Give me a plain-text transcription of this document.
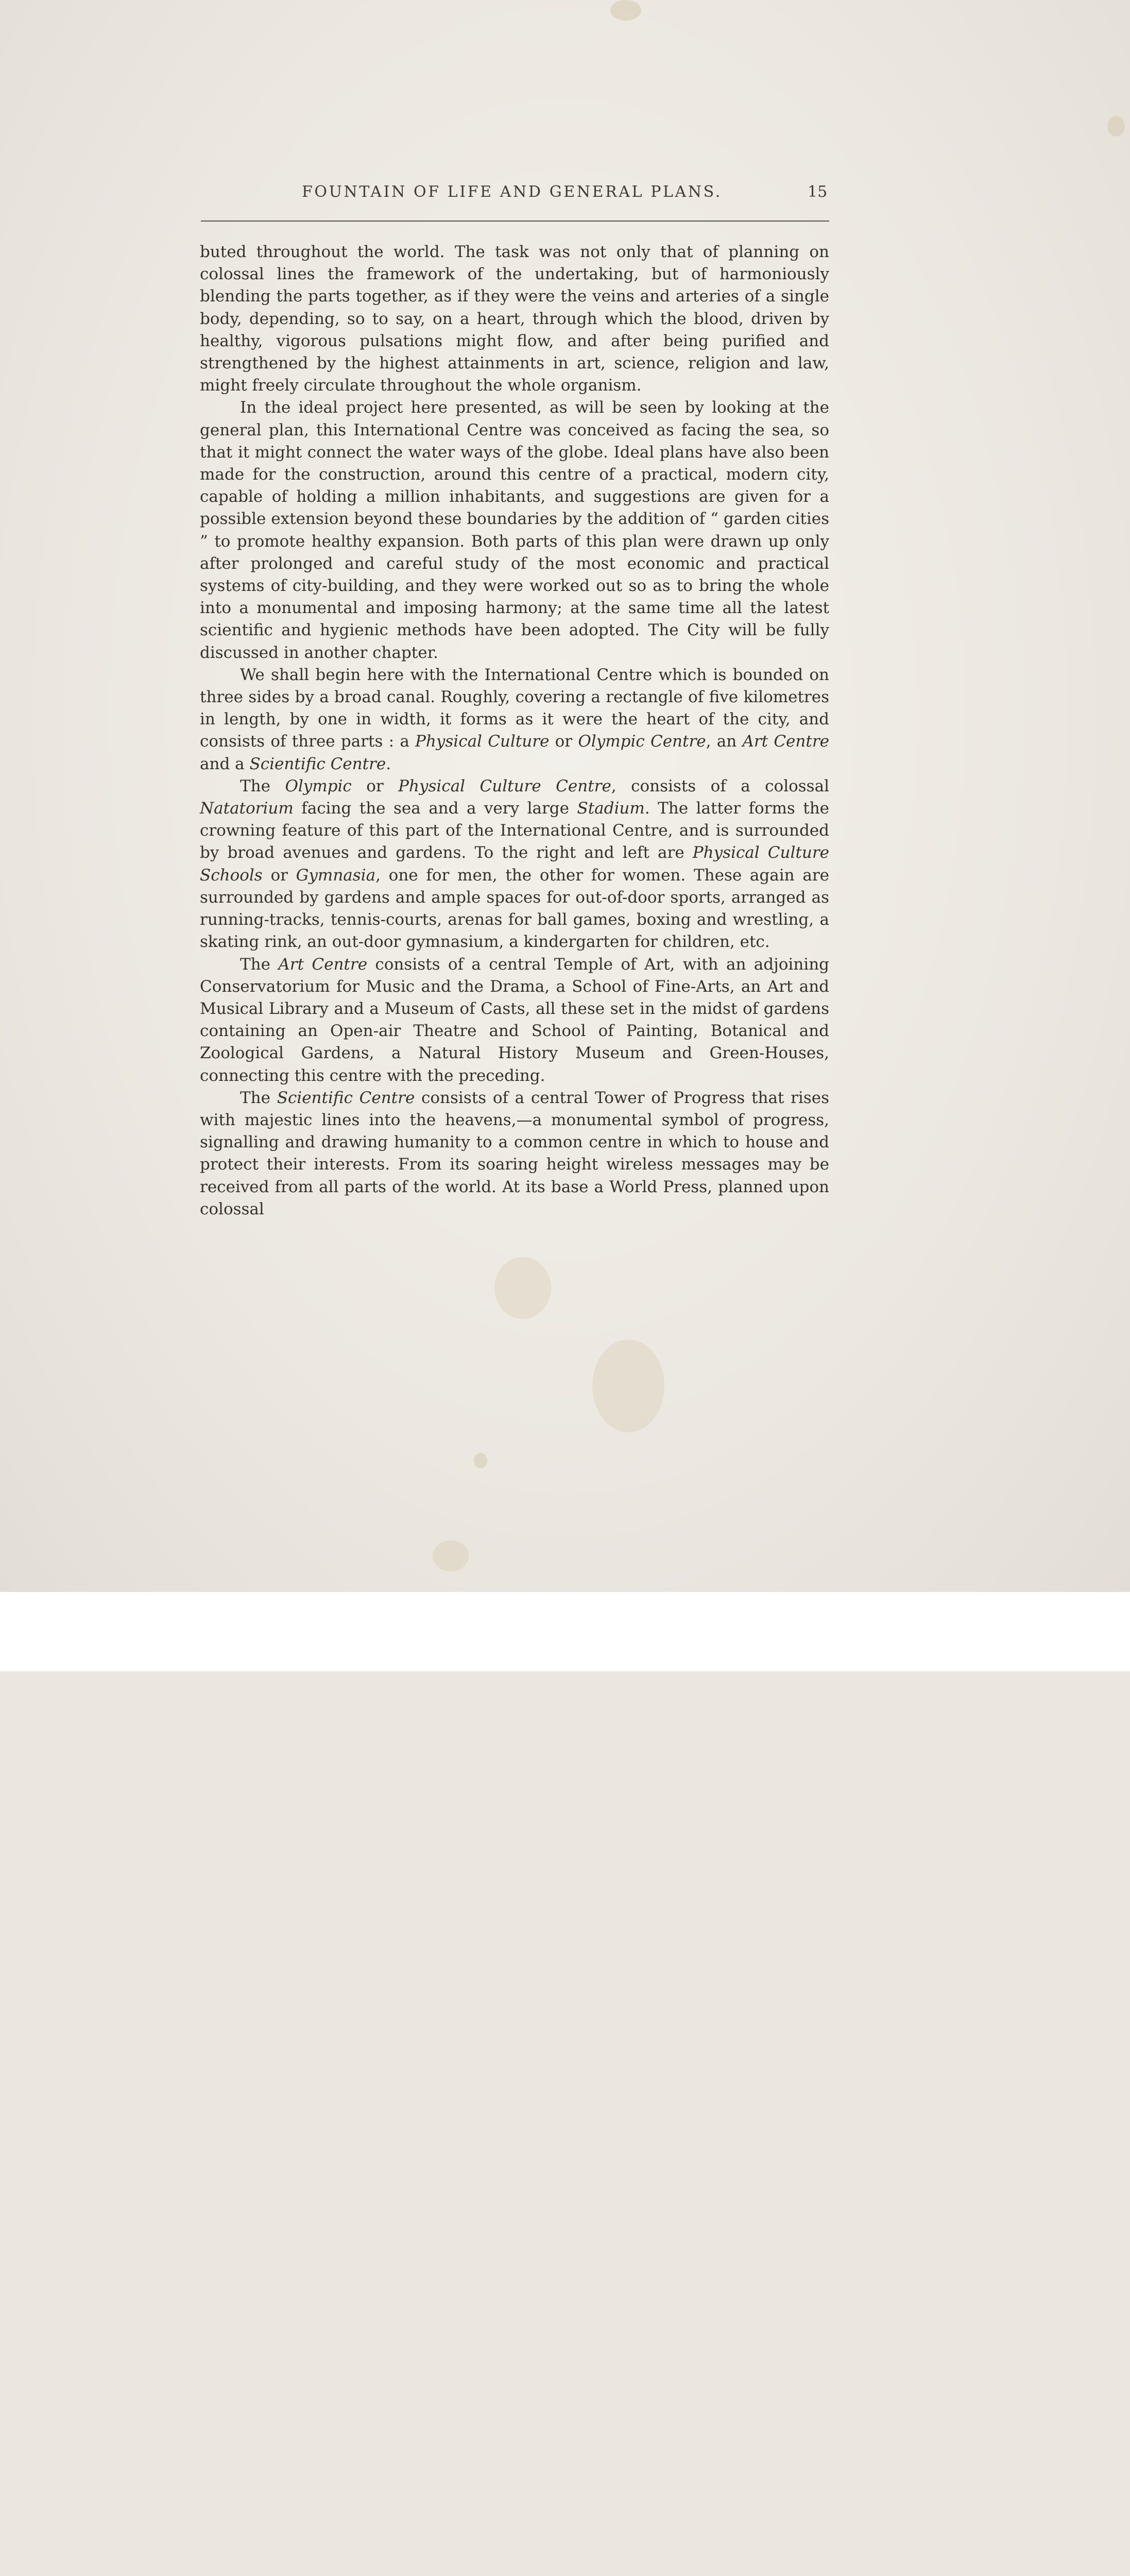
FOUNTAIN OF LIFE AND GENERAL PLANS.	15

buted throughout the world. The task was not only that of planning on colossal lines the framework of the undertaking, but of harmoniously blending the parts together, as if they were the veins and arteries of a single body, depending, so to say, on a heart, through which the blood, driven by healthy, vigorous pulsations might flow, and after being purified and strengthened by the highest attainments in art, science, religion and law, might freely circulate throughout the whole organism.

In the ideal project here presented, as will be seen by looking at the general plan, this International Centre was conceived as facing the sea, so that it might connect the water ways of the globe. Ideal plans have also been made for the construction, around this centre of a practical, modern city, capable of holding a million inhabitants, and suggestions are given for a possible extension beyond these boundaries by the addition of “ garden cities ” to promote healthy expansion. Both parts of this plan were drawn up only after prolonged and careful study of the most economic and practical systems of city-building, and they were worked out so as to bring the whole into a monumental and imposing harmony; at the same time all the latest scientific and hygienic methods have been adopted. The City will be fully discussed in another chapter.

We shall begin here with the International Centre which is bounded on three sides by a broad canal. Roughly, covering a rectangle of five kilometres in length, by one in width, it forms as it were the heart of the city, and consists of three parts : a Physical Culture or Olympic Centre, an Art Centre and a Scientific Centre.

The Olympic or Physical Culture Centre, consists of a colossal Natatorium facing the sea and a very large Stadium. The latter forms the crowning feature of this part of the International Centre, and is surrounded by broad avenues and gardens. To the right and left are Physical Culture Schools or Gymnasia, one for men, the other for women. These again are surrounded by gardens and ample spaces for out-of-door sports, arranged as running-tracks, tennis-courts, arenas for ball games, boxing and wrestling, a skating rink, an out-door gymnasium, a kindergarten for children, etc.

The Art Centre consists of a central Temple of Art, with an adjoining Conservatorium for Music and the Drama, a School of Fine-Arts, an Art and Musical Library and a Museum of Casts, all these set in the midst of gardens containing an Open-air Theatre and School of Painting, Botanical and Zoological Gardens, a Natural History Museum and Green-Houses, connecting this centre with the preceding.

The Scientific Centre consists of a central Tower of Progress that rises with majestic lines into the heavens,—a monumental symbol of progress, signalling and drawing humanity to a common centre in which to house and protect their interests. From its soaring height wireless messages may be received from all parts of the world. At its base a World Press, planned upon colossal
